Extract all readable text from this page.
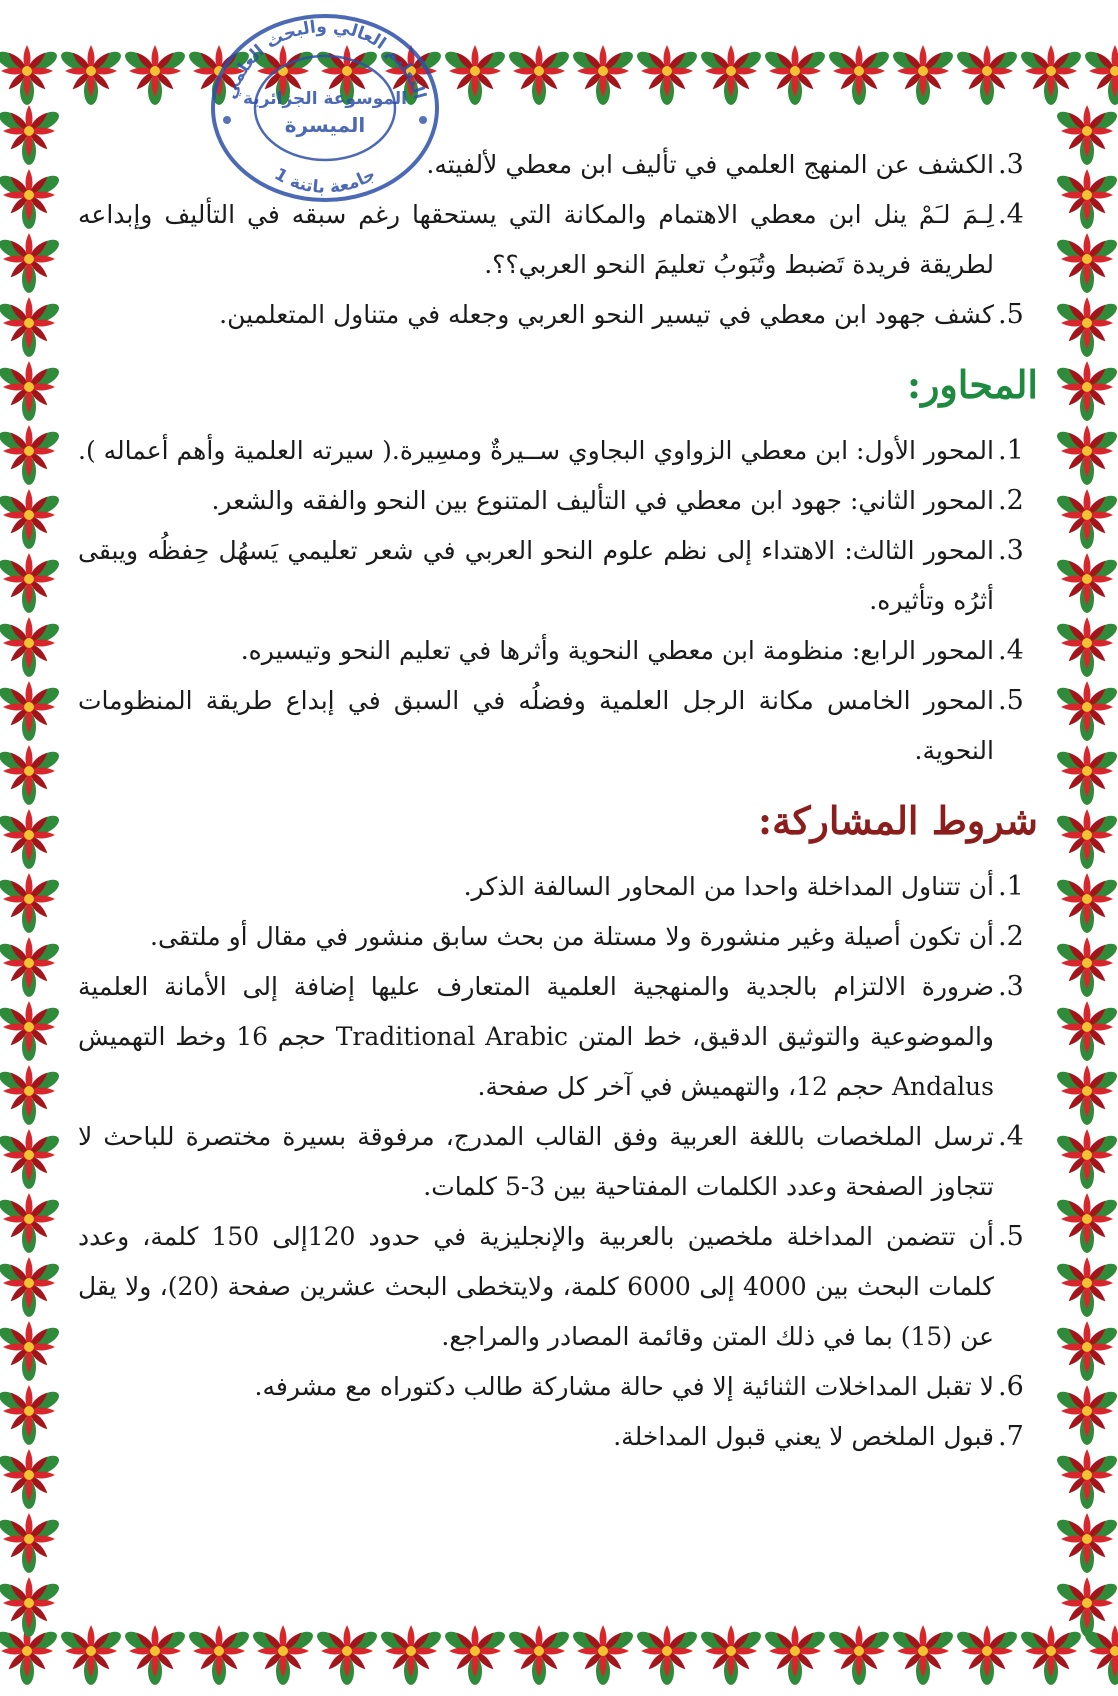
التعليم العالي والبحث العلمي
الموسوعة الجزائرية
الميسرة
جامعة باتنة 1	3.
الكشف عن المنهج العلمي في تأليف ابن معطي لألفيته.
4.
لِـمَ لـَمْ ينل ابن معطي الاهتمام والمكانة التي يستحقها رغم سبقه في التأليف وإبداعه لطريقة فريدة تَضبط وتُبَوبُ تعليمَ النحو العربي؟؟.
5.
كشف جهود ابن معطي في تيسير النحو العربي وجعله في متناول المتعلمين.
المحاور:
1.
المحور الأول: ابن معطي الزواوي البجاوي ســيرةٌ ومسِيرة.( سيرته العلمية وأهم أعماله ).
2.
المحور الثاني: جهود ابن معطي في التأليف المتنوع بين النحو والفقه والشعر.
3.
المحور الثالث: الاهتداء إلى نظم علوم النحو العربي في شعر تعليمي يَسهُل حِفظُه ويبقى أثرُه وتأثيره.
4.
المحور الرابع: منظومة ابن معطي النحوية وأثرها في تعليم النحو وتيسيره.
5.
المحور الخامس مكانة الرجل العلمية وفضلُه في السبق في إبداع طريقة المنظومات النحوية.
شروط المشاركة:
1.
أن تتناول المداخلة واحدا من المحاور السالفة الذكر.
2.
أن تكون أصيلة وغير منشورة ولا مستلة من بحث سابق منشور في مقال أو ملتقى.
3.
ضرورة الالتزام بالجدية والمنهجية العلمية المتعارف عليها إضافة إلى الأمانة العلمية والموضوعية والتوثيق الدقيق، خط المتن Traditional Arabic حجم 16 وخط التهميش Andalus حجم 12، والتهميش في آخر كل صفحة.
4.
ترسل الملخصات باللغة العربية وفق القالب المدرج، مرفوقة بسيرة مختصرة للباحث لا تتجاوز الصفحة وعدد الكلمات المفتاحية بين 3-5 كلمات.
5.
أن تتضمن المداخلة ملخصين بالعربية والإنجليزية في حدود 120إلى 150 كلمة، وعدد كلمات البحث بين 4000 إلى 6000 كلمة، ولايتخطى البحث عشرين صفحة (20)، ولا يقل عن (15) بما في ذلك المتن وقائمة المصادر والمراجع.
6.
لا تقبل المداخلات الثنائية إلا في حالة مشاركة طالب دكتوراه مع مشرفه.
7.
قبول الملخص لا يعني قبول المداخلة.
